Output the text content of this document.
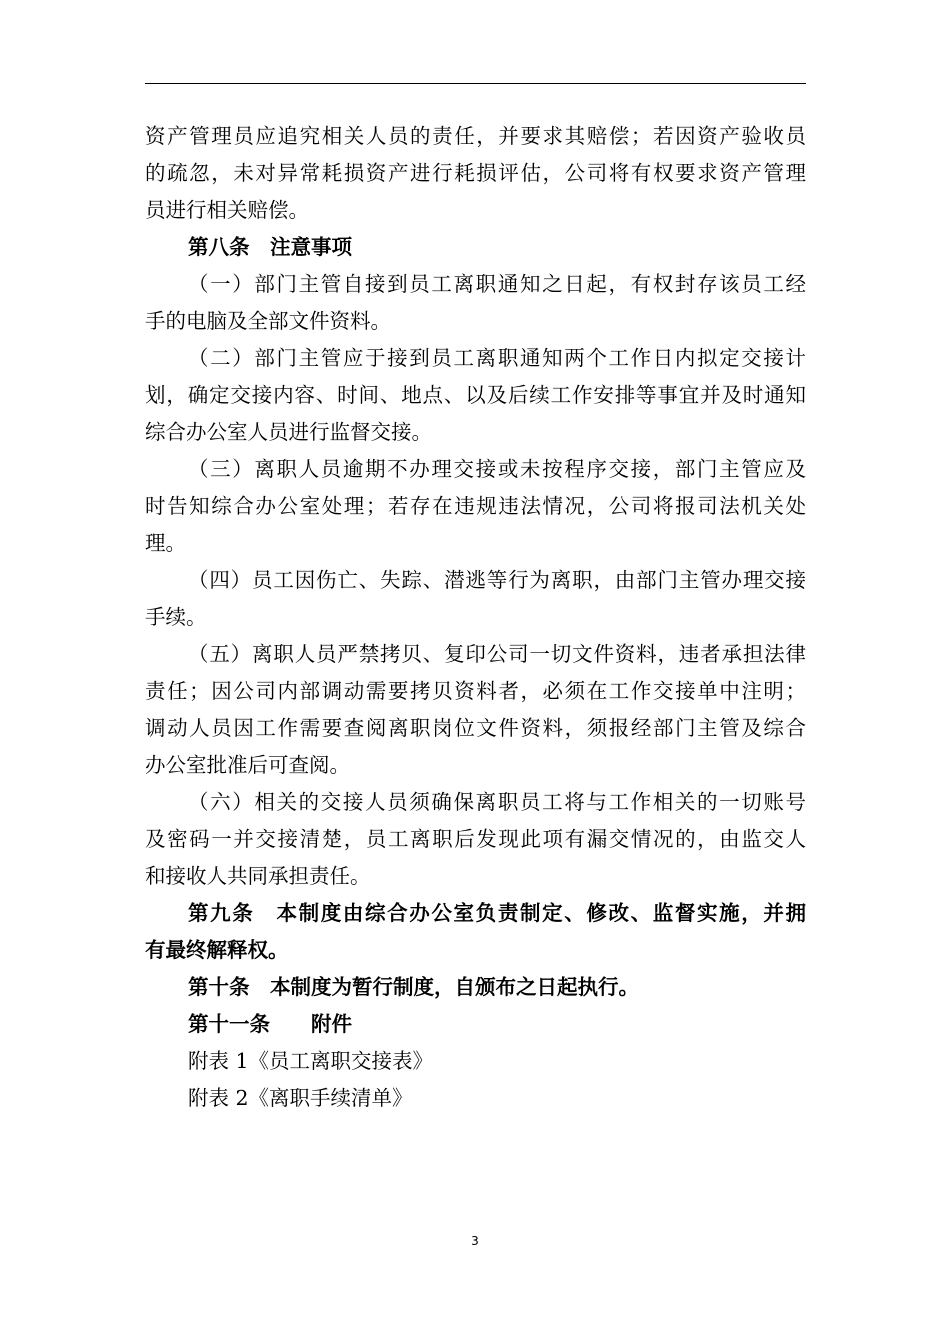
资产管理员应追究相关人员的责任，并要求其赔偿；若因资产验收员
的疏忽，未对异常耗损资产进行耗损评估，公司将有权要求资产管理
员进行相关赔偿。
第八条　注意事项
（一）部门主管自接到员工离职通知之日起，有权封存该员工经
手的电脑及全部文件资料。
（二）部门主管应于接到员工离职通知两个工作日内拟定交接计
划，确定交接内容、时间、地点、以及后续工作安排等事宜并及时通知
综合办公室人员进行监督交接。
（三）离职人员逾期不办理交接或未按程序交接，部门主管应及
时告知综合办公室处理；若存在违规违法情况，公司将报司法机关处
理。
（四）员工因伤亡、失踪、潜逃等行为离职，由部门主管办理交接
手续。
（五）离职人员严禁拷贝、复印公司一切文件资料，违者承担法律
责任；因公司内部调动需要拷贝资料者，必须在工作交接单中注明；
调动人员因工作需要查阅离职岗位文件资料，须报经部门主管及综合
办公室批准后可查阅。
（六）相关的交接人员须确保离职员工将与工作相关的一切账号
及密码一并交接清楚，员工离职后发现此项有漏交情况的，由监交人
和接收人共同承担责任。
第九条　本制度由综合办公室负责制定、修改、监督实施，并拥
有最终解释权。
第十条　本制度为暂行制度，自颁布之日起执行。
第十一条　　附件
附表 1《员工离职交接表》
附表 2《离职手续清单》
3
